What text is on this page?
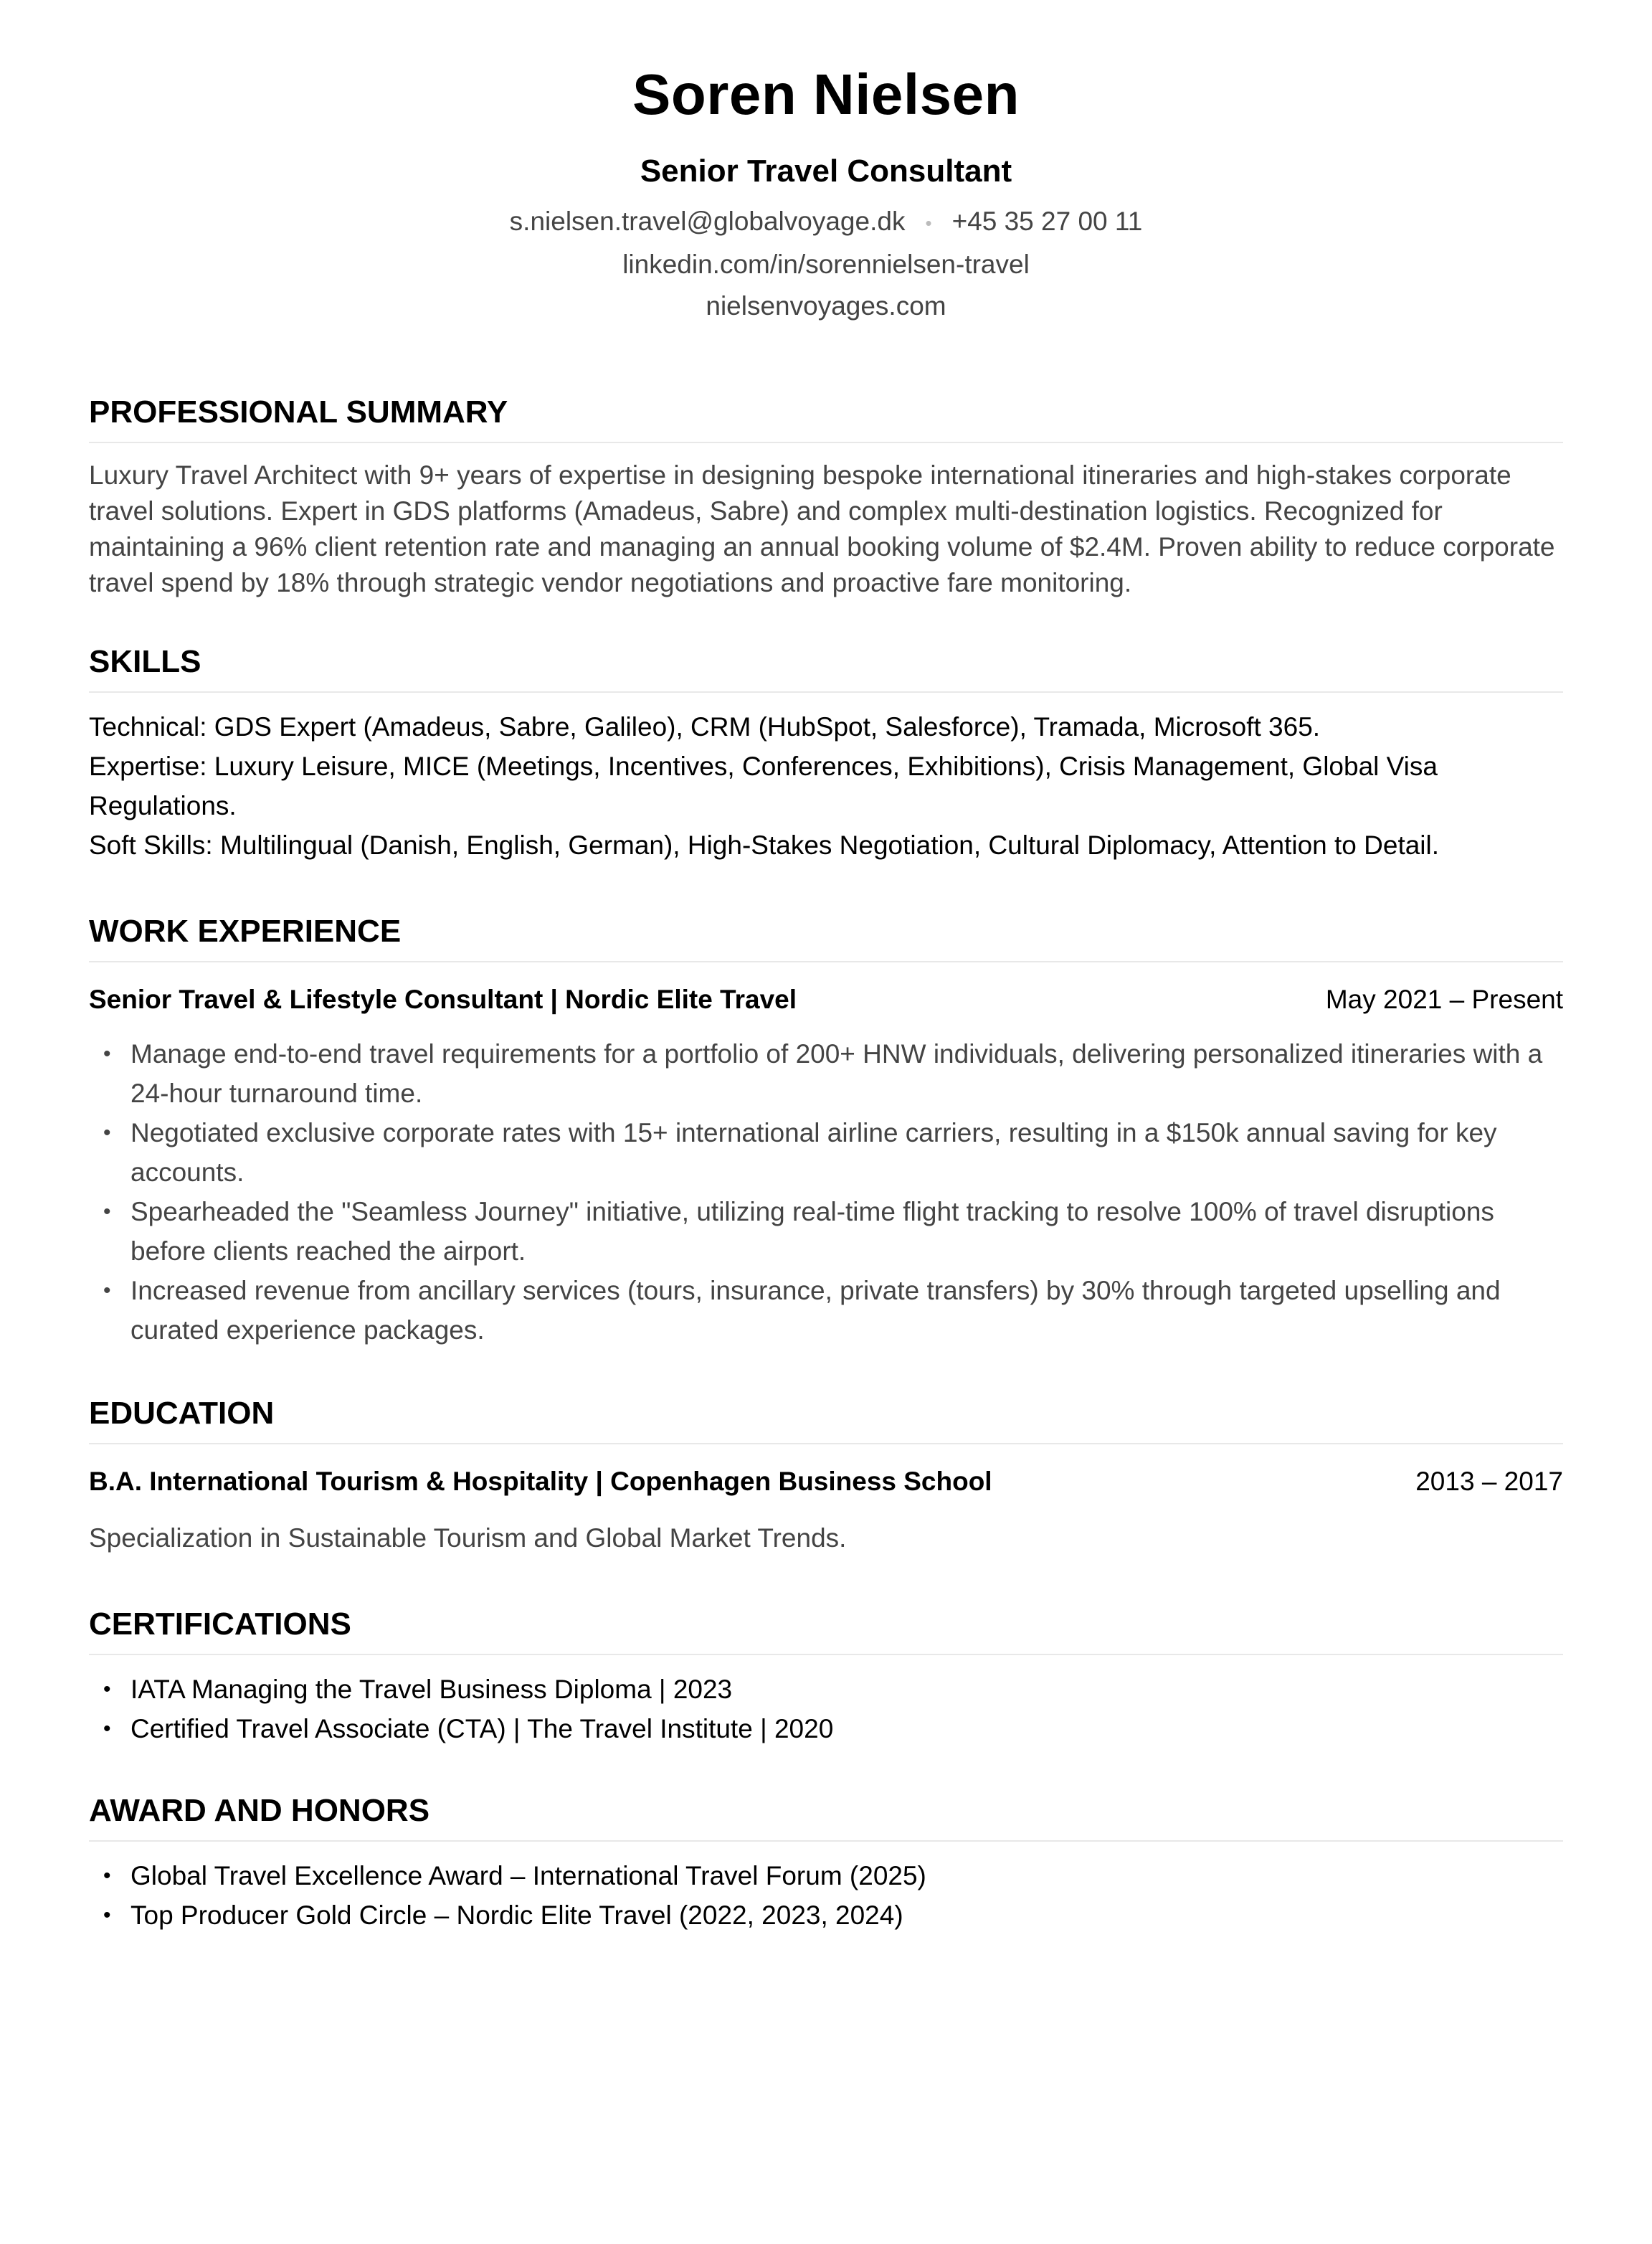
Soren Nielsen
Senior Travel Consultant
s.nielsen.travel@globalvoyage.dk • +45 35 27 00 11
linkedin.com/in/sorennielsen-travel
nielsenvoyages.com
PROFESSIONAL SUMMARY

Luxury Travel Architect with 9+ years of expertise in designing bespoke international itineraries and high-stakes corporate travel solutions. Expert in GDS platforms (Amadeus, Sabre) and complex multi-destination logistics. Recognized for maintaining a 96% client retention rate and managing an annual booking volume of $2.4M. Proven ability to reduce corporate travel spend by 18% through strategic vendor negotiations and proactive fare monitoring.

SKILLS
Technical: GDS Expert (Amadeus, Sabre, Galileo), CRM (HubSpot, Salesforce), Tramada, Microsoft 365.
Expertise: Luxury Leisure, MICE (Meetings, Incentives, Conferences, Exhibitions), Crisis Management, Global Visa Regulations.
Soft Skills: Multilingual (Danish, English, German), High-Stakes Negotiation, Cultural Diplomacy, Attention to Detail.
WORK EXPERIENCE
Senior Travel & Lifestyle Consultant | Nordic Elite Travel	May 2021 – Present
• Manage end-to-end travel requirements for a portfolio of 200+ HNW individuals, delivering personalized itineraries with a 24-hour turnaround time.
• Negotiated exclusive corporate rates with 15+ international airline carriers, resulting in a $150k annual saving for key accounts.
• Spearheaded the "Seamless Journey" initiative, utilizing real-time flight tracking to resolve 100% of travel disruptions before clients reached the airport.
• Increased revenue from ancillary services (tours, insurance, private transfers) by 30% through targeted upselling and curated experience packages.
EDUCATION
B.A. International Tourism & Hospitality | Copenhagen Business School	2013 – 2017

Specialization in Sustainable Tourism and Global Market Trends.

CERTIFICATIONS
• IATA Managing the Travel Business Diploma | 2023
• Certified Travel Associate (CTA) | The Travel Institute | 2020
AWARD AND HONORS
• Global Travel Excellence Award – International Travel Forum (2025)
• Top Producer Gold Circle – Nordic Elite Travel (2022, 2023, 2024)
